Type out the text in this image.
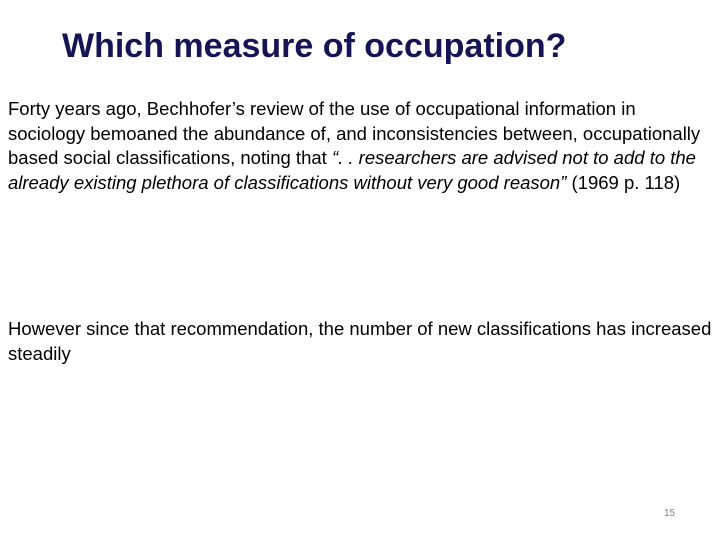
Which measure of occupation?

Forty years ago, Bechhofer’s review of the use of occupational information in sociology bemoaned the abundance of, and inconsistencies between, occupationally based social classifications, noting that “. . researchers are advised not to add to the already existing plethora of classifications without very good reason” (1969 p. 118)

However since that recommendation, the number of new classifications has increased steadily

15
